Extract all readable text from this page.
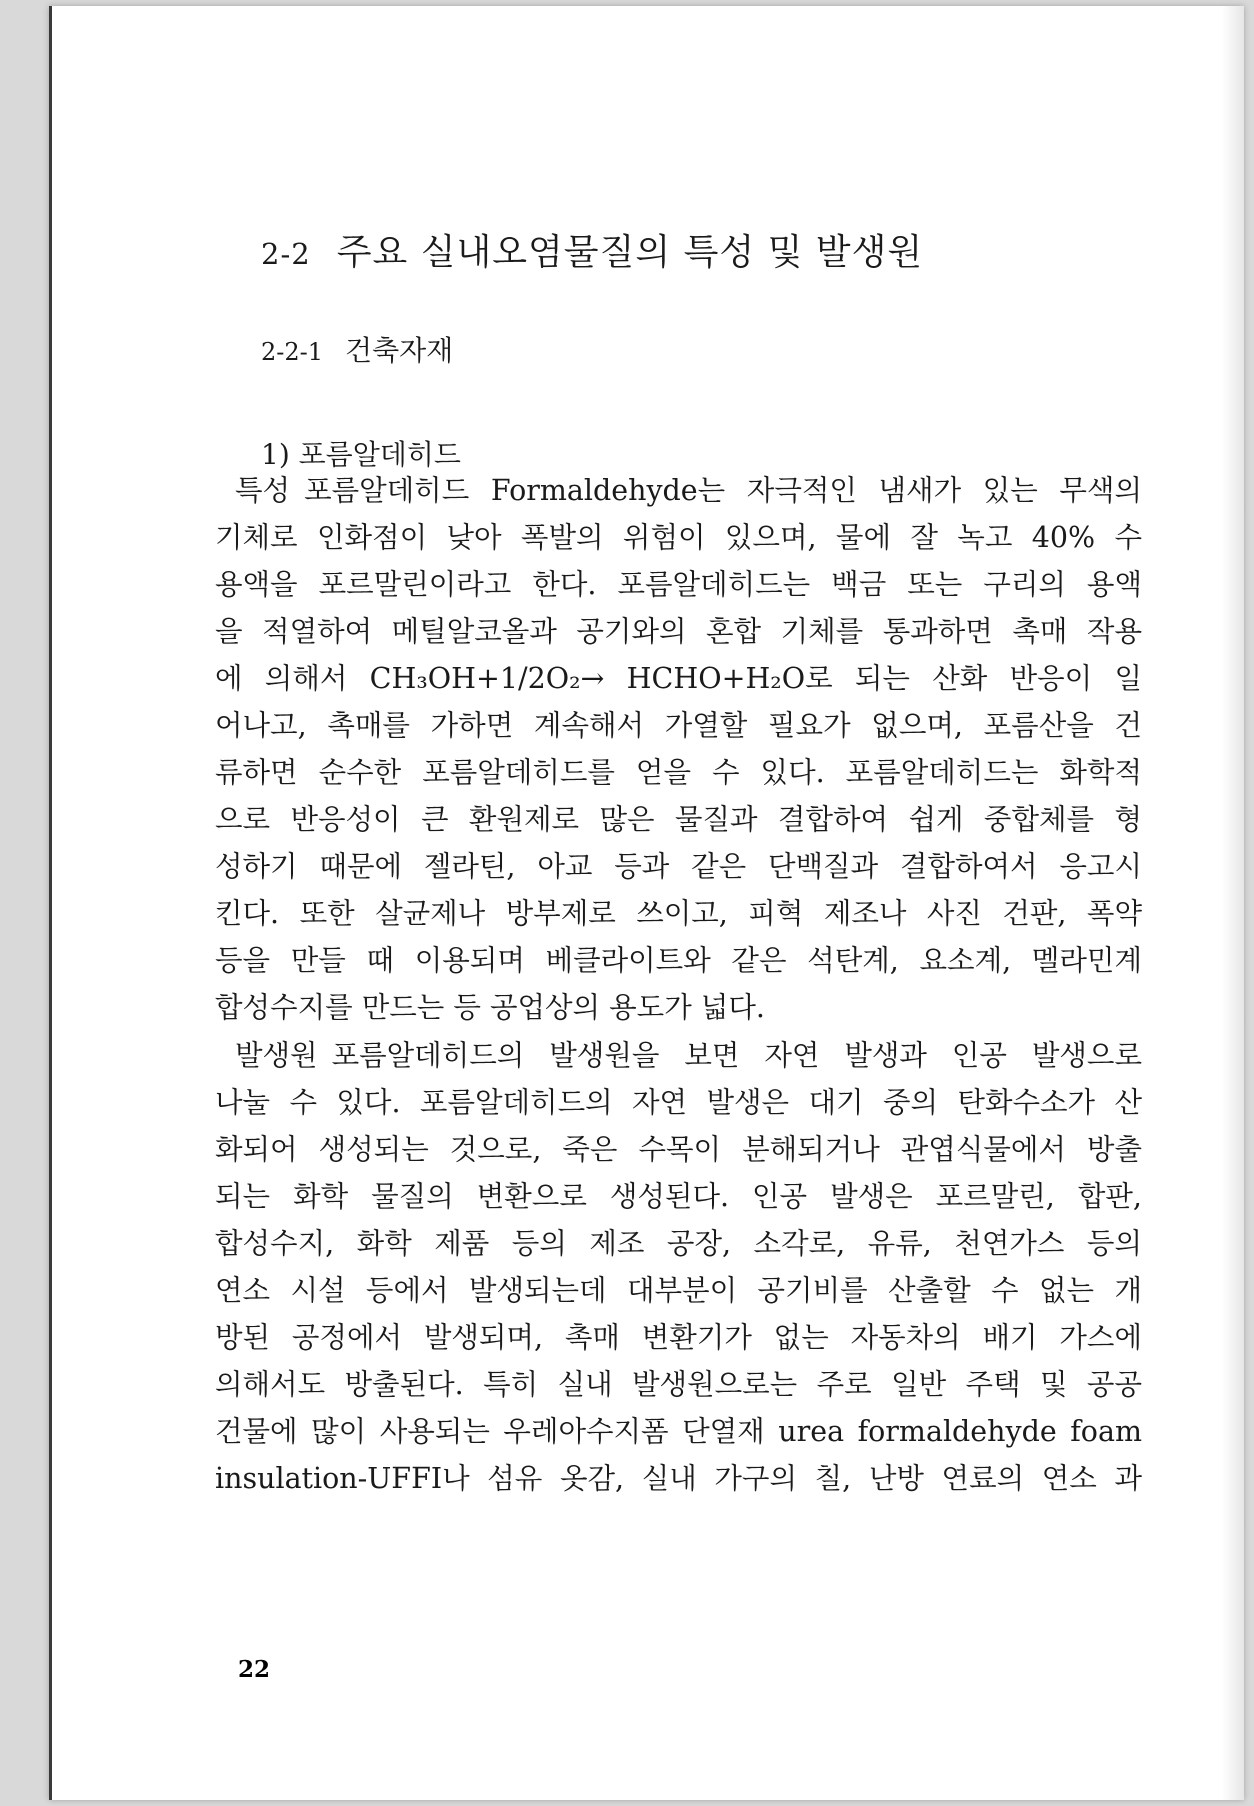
2-2 주요 실내오염물질의 특성 및 발생원
2-2-1 건축자재
1) 포름알데히드
특성 포름알데히드 Formaldehyde는 자극적인 냄새가 있는 무색의
기체로 인화점이 낮아 폭발의 위험이 있으며, 물에 잘 녹고 40% 수
용액을 포르말린이라고 한다. 포름알데히드는 백금 또는 구리의 용액
을 적열하여 메틸알코올과 공기와의 혼합 기체를 통과하면 촉매 작용
에 의해서 CH₃OH+1/2O₂→ HCHO+H₂O로 되는 산화 반응이 일
어나고, 촉매를 가하면 계속해서 가열할 필요가 없으며, 포름산을 건
류하면 순수한 포름알데히드를 얻을 수 있다. 포름알데히드는 화학적
으로 반응성이 큰 환원제로 많은 물질과 결합하여 쉽게 중합체를 형
성하기 때문에 젤라틴, 아교 등과 같은 단백질과 결합하여서 응고시
킨다. 또한 살균제나 방부제로 쓰이고, 피혁 제조나 사진 건판, 폭약
등을 만들 때 이용되며 베클라이트와 같은 석탄계, 요소계, 멜라민계
합성수지를 만드는 등 공업상의 용도가 넓다.
발생원 포름알데히드의 발생원을 보면 자연 발생과 인공 발생으로
나눌 수 있다. 포름알데히드의 자연 발생은 대기 중의 탄화수소가 산
화되어 생성되는 것으로, 죽은 수목이 분해되거나 관엽식물에서 방출
되는 화학 물질의 변환으로 생성된다. 인공 발생은 포르말린, 합판,
합성수지, 화학 제품 등의 제조 공장, 소각로, 유류, 천연가스 등의
연소 시설 등에서 발생되는데 대부분이 공기비를 산출할 수 없는 개
방된 공정에서 발생되며, 촉매 변환기가 없는 자동차의 배기 가스에
의해서도 방출된다. 특히 실내 발생원으로는 주로 일반 주택 및 공공
건물에 많이 사용되는 우레아수지폼 단열재 urea formaldehyde foam
insulation-UFFI나 섬유 옷감, 실내 가구의 칠, 난방 연료의 연소 과
22
